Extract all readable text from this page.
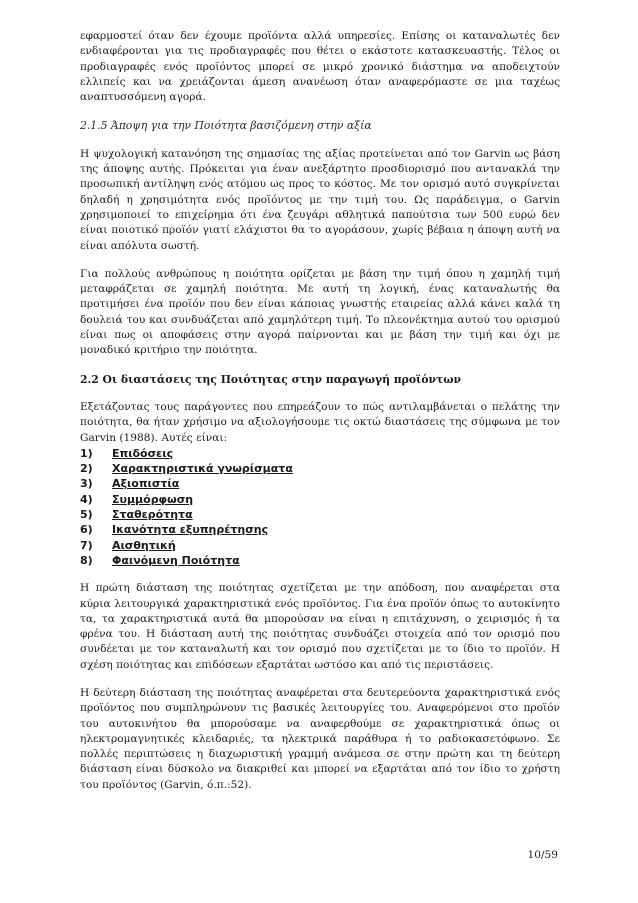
εφαρμοστεί όταν δεν έχουμε προϊόντα αλλά υπηρεσίες. Επίσης οι καταναλωτές δεν ενδιαφέρονται για τις προδιαγραφές που θέτει ο εκάστοτε κατασκευαστής. Τέλος οι προδιαγραφές ενός προϊόντος μπορεί σε μικρό χρονικό διάστημα να αποδειχτούν ελλιπείς και να χρειάζονται άμεση ανανέωση όταν αναφερόμαστε σε μια ταχέως αναπτυσσόμενη αγορά.

2.1.5 Άποψη για την Ποιότητα βασιζόμενη στην αξία

Η ψυχολογική κατανόηση της σημασίας της αξίας προτείνεται από τον Garvin ως βάση της άποψης αυτής. Πρόκειται για έναν ανεξάρτητο προσδιορισμό που αντανακλά την προσωπική αντίληψη ενός ατόμου ως προς το κόστος. Με τον ορισμό αυτό συγκρίνεται δηλαδή η χρησιμότητα ενός προϊόντος με την τιμή του. Ως παράδειγμα, ο Garvin χρησιμοποιεί το επιχείρημα ότι ένα ζευγάρι αθλητικά παπούτσια των 500 ευρώ δεν είναι ποιοτικό προϊόν γιατί ελάχιστοι θα το αγοράσουν, χωρίς βέβαια η άποψη αυτή να είναι απόλυτα σωστή.

Για πολλούς ανθρώπους η ποιότητα ορίζεται με βάση την τιμή όπου η χαμηλή τιμή μεταφράζεται σε χαμηλή ποιότητα. Με αυτή τη λογική, ένας καταναλωτής θα προτιμήσει ένα προϊόν που δεν είναι κάποιας γνωστής εταιρείας αλλά κάνει καλά τη δουλειά του και συνδυάζεται από χαμηλότερη τιμή. Το πλεονέκτημα αυτού του ορισμού είναι πως οι αποφάσεις στην αγορά παίρνονται και με βάση την τιμή και όχι με μοναδικό κριτήριο την ποιότητα.

2.2 Οι διαστάσεις της Ποιότητας στην παραγωγή προϊόντων

Εξετάζοντας τους παράγοντες που επηρεάζουν το πώς αντιλαμβάνεται ο πελάτης την ποιότητα, θα ήταν χρήσιμο να αξιολογήσουμε τις οκτώ διαστάσεις της σύμφωνα με τον Garvin (1988). Αυτές είναι:

1)	Επιδόσεις
2)	Χαρακτηριστικά γνωρίσματα
3)	Αξιοπιστία
4)	Συμμόρφωση
5)	Σταθερότητα
6)	Ικανότητα εξυπηρέτησης
7)	Αισθητική
8)	Φαινόμενη Ποιότητα

Η πρώτη διάσταση της ποιότητας σχετίζεται με την απόδοση, που αναφέρεται στα κύρια λειτουργικά χαρακτηριστικά ενός προϊόντος. Για ένα προϊόν όπως το αυτοκίνητο τα, τα χαρακτηριστικά αυτά θα μπορούσαν να είναι η επιτάχυνση, ο χειρισμός ή τα φρένα του. Η διάσταση αυτή της ποιότητας συνδυάζει στοιχεία από τον ορισμό που συνδέεται με τον καταναλωτή και τον ορισμό που σχετίζεται με το ίδιο το προϊόν. Η σχέση ποιότητας και επιδόσεων εξαρτάται ωστόσο και από τις περιστάσεις.

Η δεύτερη διάσταση της ποιότητας αναφέρεται στα δευτερεύοντα χαρακτηριστικά ενός προϊόντος που συμπληρώνουν τις βασικές λειτουργίες του. Αναφερόμενοι στο προϊόν του αυτοκινήτου θα μπορούσαμε να αναφερθούμε σε χαρακτηριστικά όπως οι ηλεκτρομαγνητικές κλειδαριές, τα ηλεκτρικά παράθυρα ή το ραδιοκασετόφωνο. Σε πολλές περιπτώσεις η διαχωριστική γραμμή ανάμεσα σε στην πρώτη και τη δεύτερη διάσταση είναι δύσκολο να διακριθεί και μπορεί να εξαρτάται από τον ίδιο το χρήστη του προϊόντος (Garvin, ό.π.:52).

10/59
